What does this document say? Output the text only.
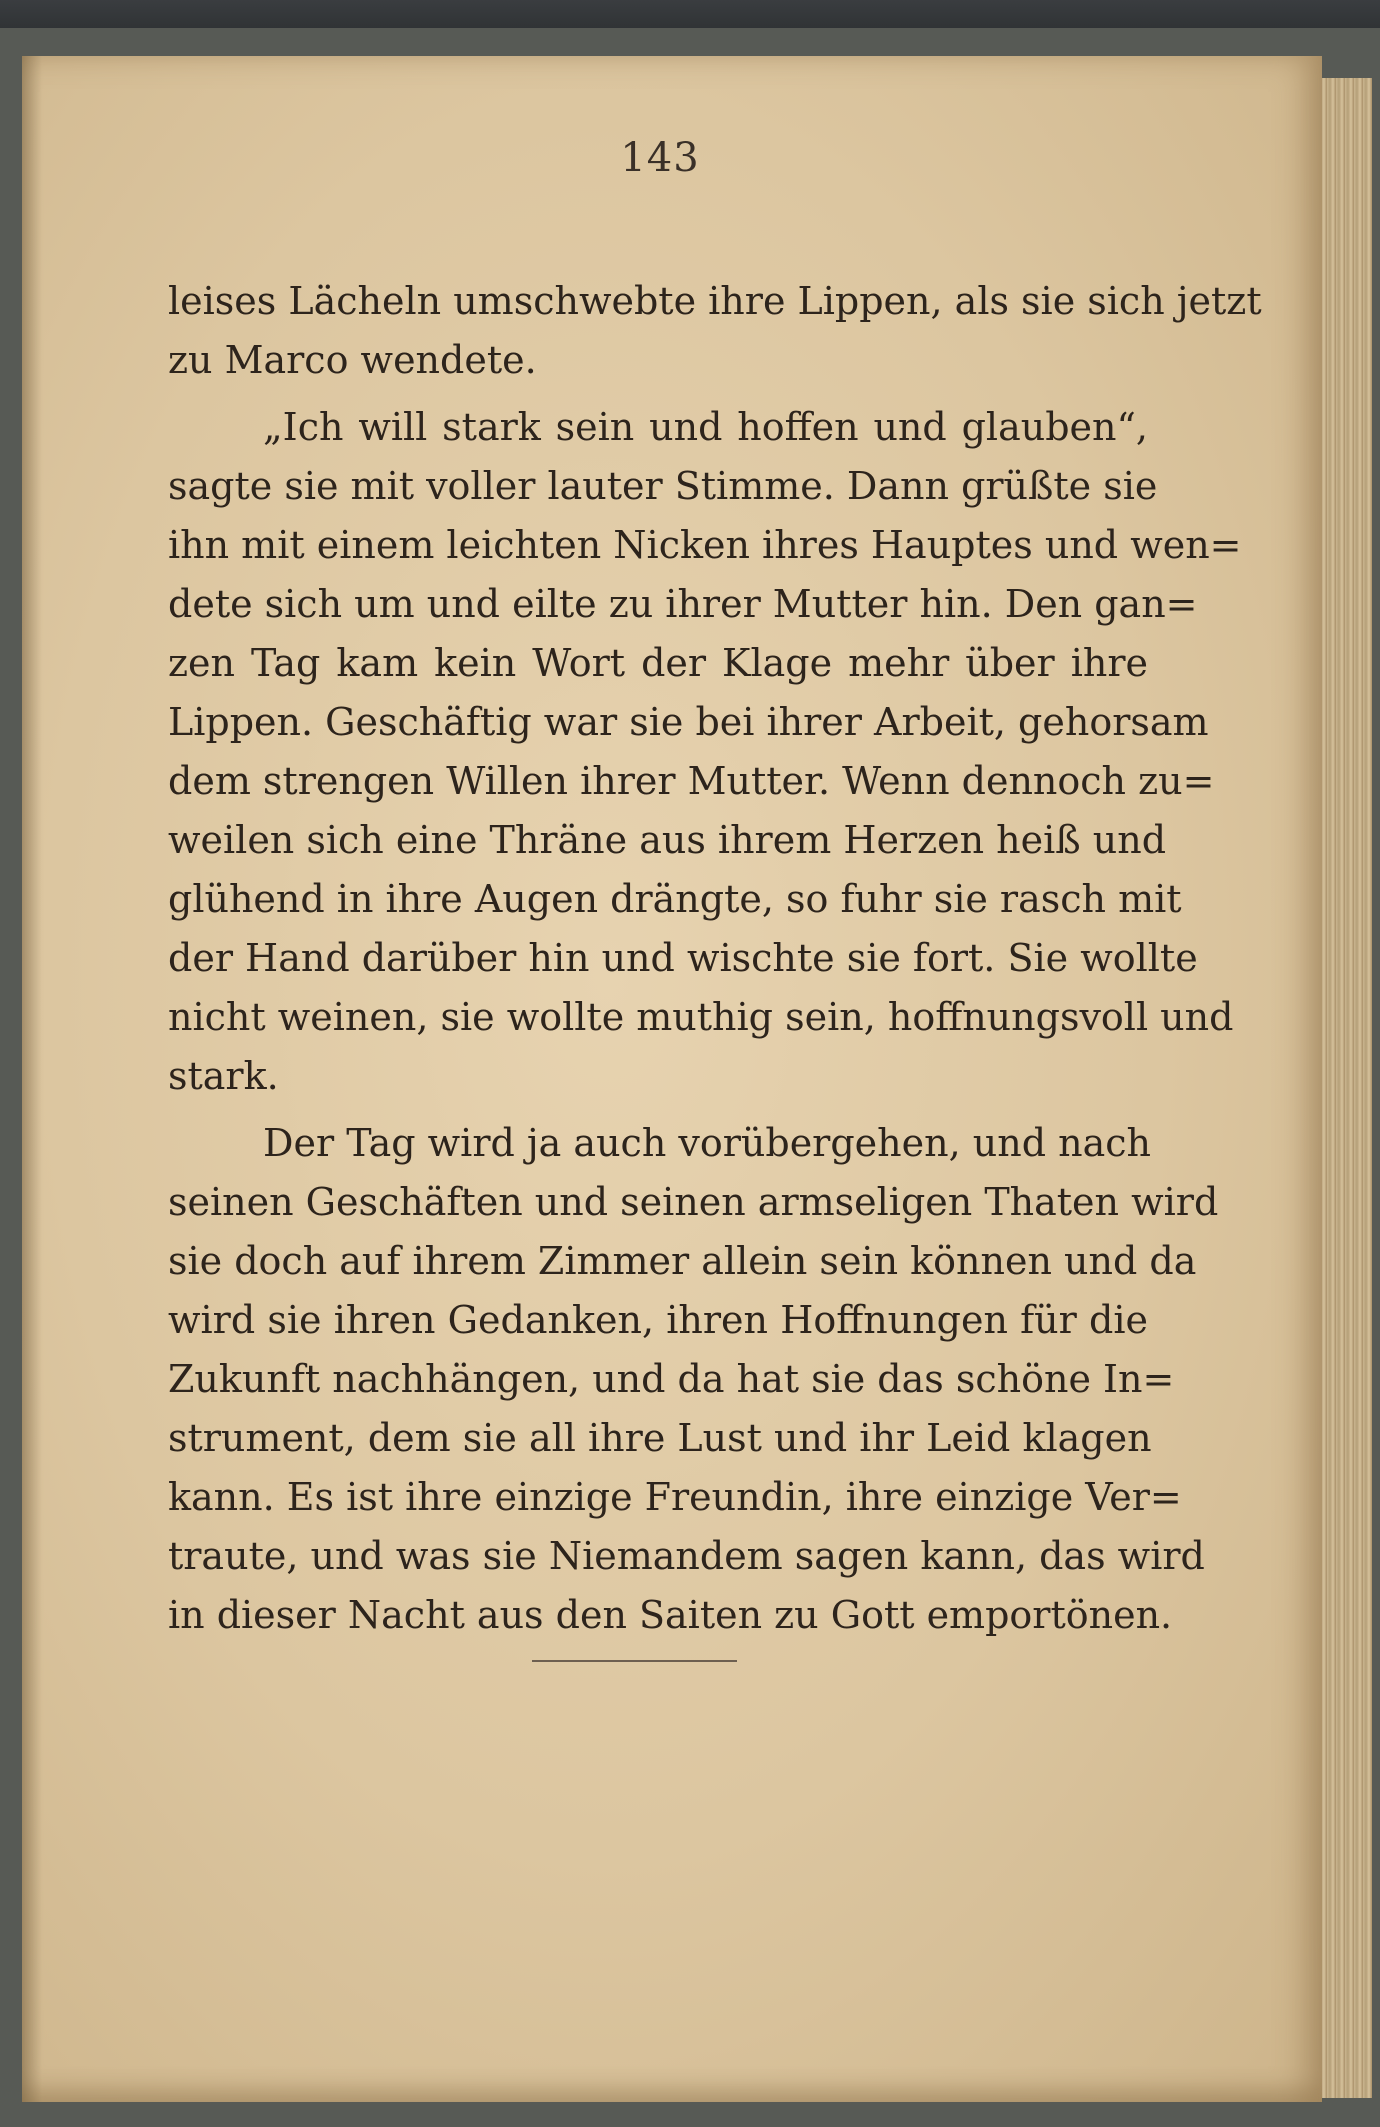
143
leises Lächeln umschwebte ihre Lippen, als sie sich jetzt
zu Marco wendete.
„Ich will stark sein und hoffen und glauben“,
sagte sie mit voller lauter Stimme. Dann grüßte sie
ihn mit einem leichten Nicken ihres Hauptes und wen=
dete sich um und eilte zu ihrer Mutter hin. Den gan=
zen Tag kam kein Wort der Klage mehr über ihre
Lippen. Geschäftig war sie bei ihrer Arbeit, gehorsam
dem strengen Willen ihrer Mutter. Wenn dennoch zu=
weilen sich eine Thräne aus ihrem Herzen heiß und
glühend in ihre Augen drängte, so fuhr sie rasch mit
der Hand darüber hin und wischte sie fort. Sie wollte
nicht weinen, sie wollte muthig sein, hoffnungsvoll und
stark.
Der Tag wird ja auch vorübergehen, und nach
seinen Geschäften und seinen armseligen Thaten wird
sie doch auf ihrem Zimmer allein sein können und da
wird sie ihren Gedanken, ihren Hoffnungen für die
Zukunft nachhängen, und da hat sie das schöne In=
strument, dem sie all ihre Lust und ihr Leid klagen
kann. Es ist ihre einzige Freundin, ihre einzige Ver=
traute, und was sie Niemandem sagen kann, das wird
in dieser Nacht aus den Saiten zu Gott emportönen.
